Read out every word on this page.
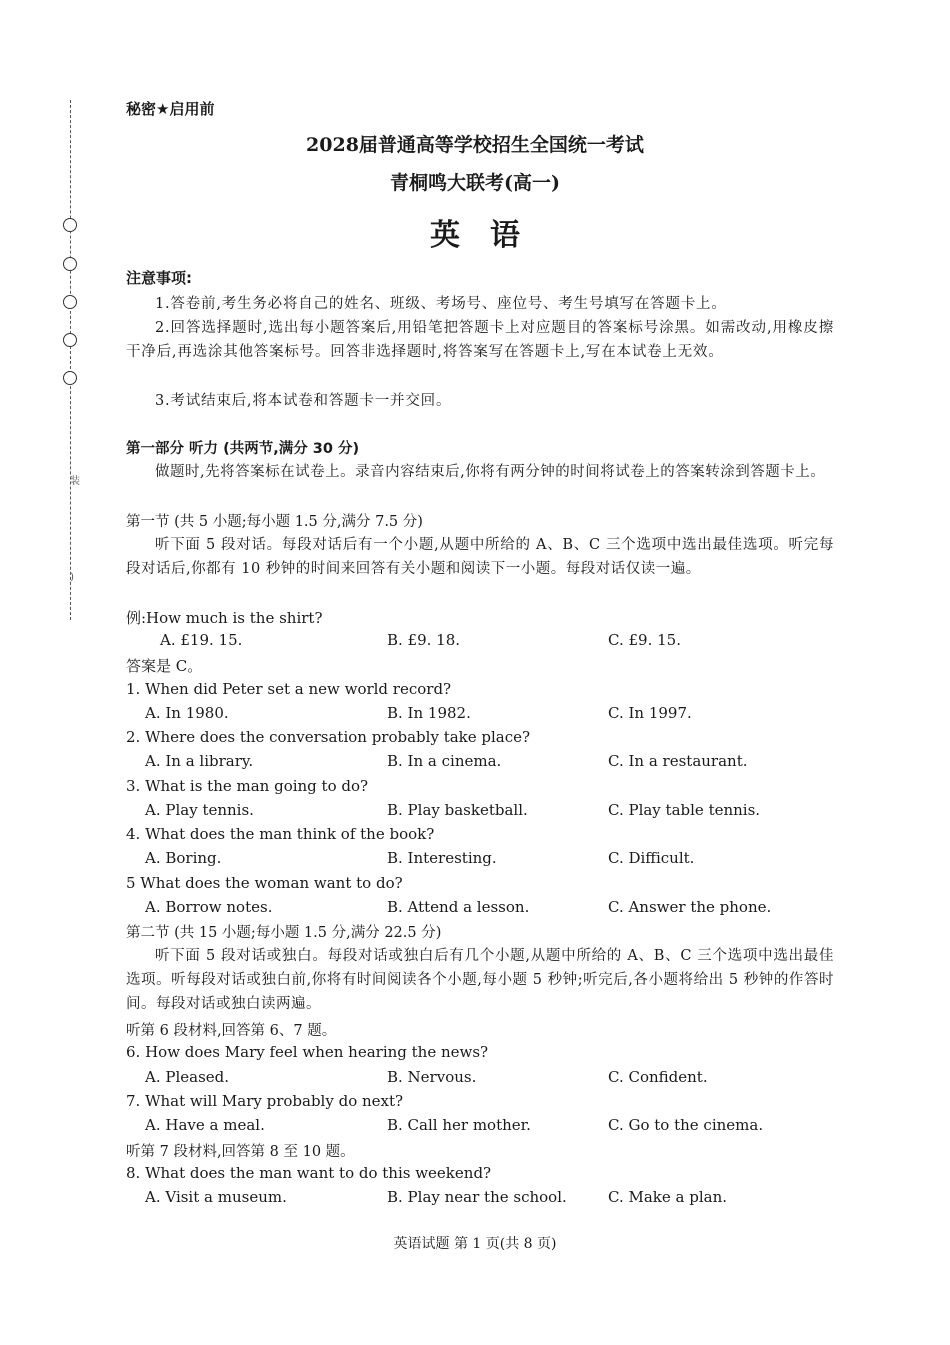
装
)
秘密★启用前
2028届普通高等学校招生全国统一考试
青桐鸣大联考(高一)
英语
注意事项:
1.答卷前,考生务必将自己的姓名、班级、考场号、座位号、考生号填写在答题卡上。
2.回答选择题时,选出每小题答案后,用铅笔把答题卡上对应题目的答案标号涂黑。如需改动,用橡皮擦干净后,再选涂其他答案标号。回答非选择题时,将答案写在答题卡上,写在本试卷上无效。
3.考试结束后,将本试卷和答题卡一并交回。
第一部分 听力 (共两节,满分 30 分)
做题时,先将答案标在试卷上。录音内容结束后,你将有两分钟的时间将试卷上的答案转涂到答题卡上。
第一节 (共 5 小题;每小题 1.5 分,满分 7.5 分)
听下面 5 段对话。每段对话后有一个小题,从题中所给的 A、B、C 三个选项中选出最佳选项。听完每段对话后,你都有 10 秒钟的时间来回答有关小题和阅读下一小题。每段对话仅读一遍。
例:How much is the shirt?
A. £19. 15.	B. £9. 18.	C. £9. 15.
答案是 C。
1. When did Peter set a new world record?
A. In 1980.	B. In 1982.	C. In 1997.
2. Where does the conversation probably take place?
A. In a library.	B. In a cinema.	C. In a restaurant.
3. What is the man going to do?
A. Play tennis.	B. Play basketball.	C. Play table tennis.
4. What does the man think of the book?
A. Boring.	B. Interesting.	C. Difficult.
5 What does the woman want to do?
A. Borrow notes.	B. Attend a lesson.	C. Answer the phone.
第二节 (共 15 小题;每小题 1.5 分,满分 22.5 分)
听下面 5 段对话或独白。每段对话或独白后有几个小题,从题中所给的 A、B、C 三个选项中选出最佳选项。听每段对话或独白前,你将有时间阅读各个小题,每小题 5 秒钟;听完后,各小题将给出 5 秒钟的作答时间。每段对话或独白读两遍。
听第 6 段材料,回答第 6、7 题。
6. How does Mary feel when hearing the news?
A. Pleased.	B. Nervous.	C. Confident.
7. What will Mary probably do next?
A. Have a meal.	B. Call her mother.	C. Go to the cinema.
听第 7 段材料,回答第 8 至 10 题。
8. What does the man want to do this weekend?
A. Visit a museum.	B. Play near the school.	C. Make a plan.
英语试题 第 1 页(共 8 页)
